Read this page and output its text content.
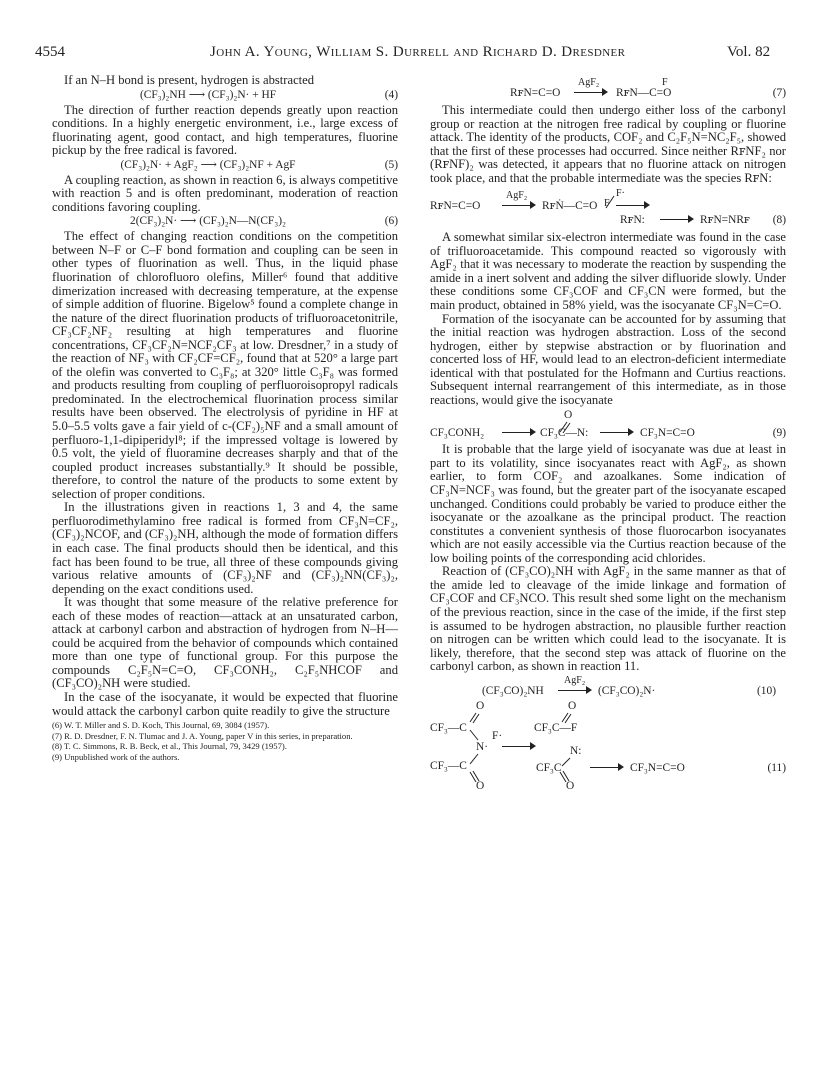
4554	John A. Young, William S. Durrell and Richard D. Dresdner	Vol. 82

If an N–H bond is present, hydrogen is abstracted

(CF₃)₂NH ⟶ (CF₃)₂N· + HF	(4)

The direction of further reaction depends greatly upon reaction conditions. In a highly energetic environment, i.e., large excess of fluorinating agent, good contact, and high temperatures, fluorine pickup by the free radical is favored.

(CF₃)₂N· + AgF₂ ⟶ (CF₃)₂NF + AgF	(5)

A coupling reaction, as shown in reaction 6, is always competitive with reaction 5 and is often predominant, moderation of reaction conditions favoring coupling.

2(CF₃)₂N· ⟶ (CF₃)₂N—N(CF₃)₂	(6)

The effect of changing reaction conditions on the competition between N–F or C–F bond formation and coupling can be seen in other types of fluorination as well. Thus, in the liquid phase fluorination of chlorofluoro olefins, Miller⁶ found that additive dimerization increased with decreasing temperature, at the expense of simple addition of fluorine. Bigelow⁵ found a complete change in the nature of the direct fluorination products of trifluoroacetonitrile, CF₃CF₂NF₂ resulting at high temperatures and fluorine concentrations, CF₃CF₂N=NCF₂CF₃ at low. Dresdner,⁷ in a study of the reaction of NF₃ with CF₂CF=CF₂, found that at 520° a large part of the olefin was converted to C₃F₈; at 320° little C₃F₈ was formed and products resulting from coupling of perfluoroisopropyl radicals predominated. In the electrochemical fluorination process similar results have been observed. The electrolysis of pyridine in HF at 5.0–5.5 volts gave a fair yield of c-(CF₂)₅NF and a small amount of perfluoro-1,1-dipiperidyl⁸; if the impressed voltage is lowered by 0.5 volt, the yield of fluoramine decreases sharply and that of the coupled product increases substantially.⁹ It should be possible, therefore, to control the nature of the products to some extent by selection of proper conditions.

In the illustrations given in reactions 1, 3 and 4, the same perfluorodimethylamino free radical is formed from CF₃N=CF₂, (CF₃)₂NCOF, and (CF₃)₂NH, although the mode of formation differs in each case. The final products should then be identical, and this fact has been found to be true, all three of these compounds giving various relative amounts of (CF₃)₂NF and (CF₃)₂NN(CF₃)₂, depending on the exact conditions used.

It was thought that some measure of the relative preference for each of these modes of reaction—attack at an unsaturated carbon, attack at carbonyl carbon and abstraction of hydrogen from N–H—could be acquired from the behavior of compounds which contained more than one type of functional group. For this purpose the compounds C₂F₅N=C=O, CF₃CONH₂, C₂F₅NHCOF and (CF₃CO)₂NH were studied.

In the case of the isocyanate, it would be expected that fluorine would attack the carbonyl carbon quite readily to give the structure

(6) W. T. Miller and S. D. Koch, This Journal, 69, 3084 (1957).
(7) R. D. Dresdner, F. N. Tlumac and J. A. Young, paper V in this series, in preparation.
(8) T. C. Simmons, R. B. Beck, et al., This Journal, 79, 3429 (1957).
(9) Unpublished work of the authors.
RꜰN=C=O
AgF₂	F
RꜰN—C=O	(7)

This intermediate could then undergo either loss of the carbonyl group or reaction at the nitrogen free radical by coupling or fluorine attack. The identity of the products, COF₂ and C₂F₅N=NC₂F₅, showed that the first of these processes had occurred. Since neither RꜰNF₂ nor (RꜰNF)₂ was detected, it appears that no fluorine attack on nitrogen took place, and that the probable intermediate was the species RꜰN:

F·
F
RꜰN=C=O
AgF₂
RꜰṄ—C=O
RꜰN:	RꜰN=NRꜰ (8)

A somewhat similar six-electron intermediate was found in the case of trifluoroacetamide. This compound reacted so vigorously with AgF₂ that it was necessary to moderate the reaction by suspending the amide in a inert solvent and adding the silver difluoride slowly. Under these conditions some CF₃COF and CF₃CN were formed, but the main product, obtained in 58% yield, was the isocyanate CF₃N=C=O.

Formation of the isocyanate can be accounted for by assuming that the initial reaction was hydrogen abstraction. Loss of the second hydrogen, either by stepwise abstraction or by fluorination and concerted loss of HF, would lead to an electron-deficient intermediate identical with that postulated for the Hofmann and Curtius reactions. Subsequent internal rearrangement of this intermediate, as in those reactions, would give the isocyanate

O
CF₃CONH₂	CF₃C—N:	CF₃N=C=O	(9)

It is probable that the large yield of isocyanate was due at least in part to its volatility, since isocyanates react with AgF₂, as shown earlier, to form COF₂ and azoalkanes. Some indication of CF₃N=NCF₃ was found, but the greater part of the isocyanate escaped unchanged. Conditions could probably be varied to produce either the isocyanate or the azoalkane as the principal product. The reaction constitutes a convenient synthesis of those fluorocarbon isocyanates which are not easily accessible via the Curtius reaction because of the low boiling points of the corresponding acid chlorides.

Reaction of (CF₃CO)₂NH with AgF₂ in the same manner as that of the amide led to cleavage of the imide linkage and formation of CF₃COF and CF₃NCO. This result shed some light on the mechanism of the previous reaction, since in the case of the imide, if the first step is assumed to be hydrogen abstraction, no plausible further reaction on nitrogen can be written which could lead to the isocyanate. It is likely, therefore, that the second step was attack of fluorine on the carbonyl carbon, as shown in reaction 11.

(CF₃CO)₂NH
AgF₂
(CF₃CO)₂N·	(10)
O
CF₃—C
F·
N·
CF₃—C
O
O
CF₃C—F
N:
CF₃C
O
CF₃N=C=O	(11)
